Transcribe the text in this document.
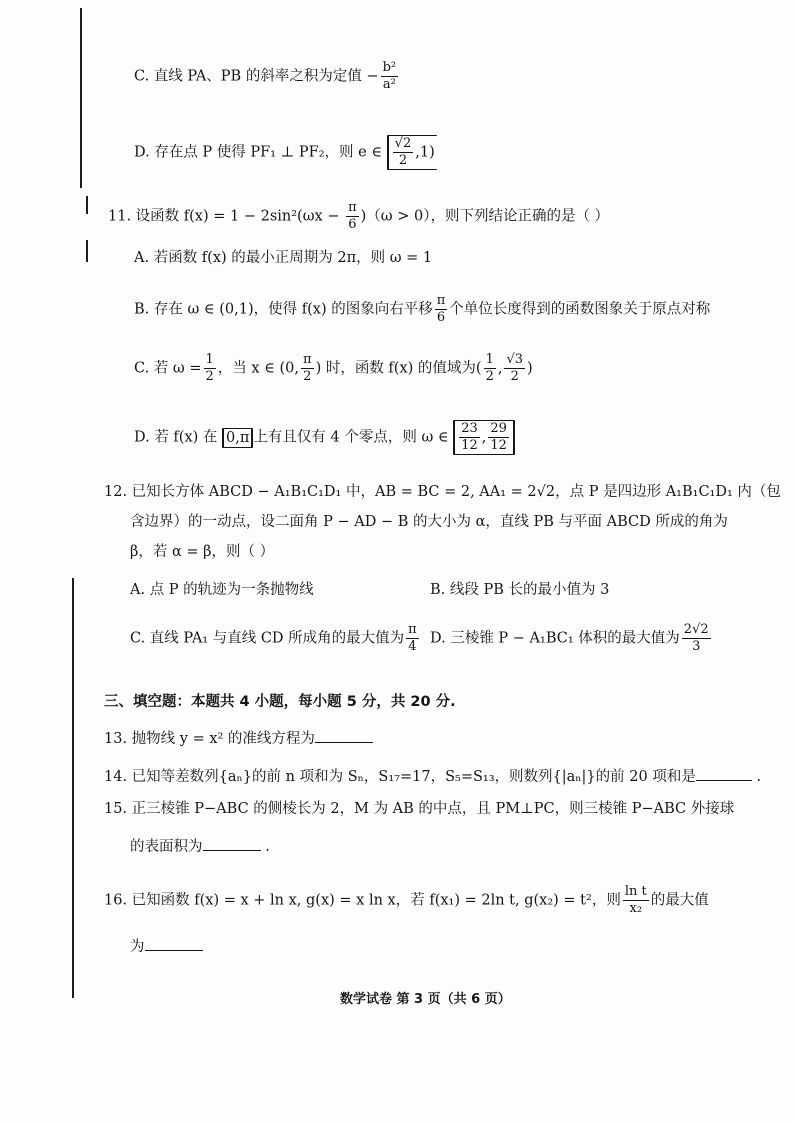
C. 直线 PA、PB 的斜率之积为定值 − $\frac{\text{b²}}{\text{a²}}$
D. 存在点 P 使得 PF₁ ⊥ PF₂，则 e ∈ $\frac{√2}{2} ,1$)
11. 设函数 $f(x) = 1 - 2\sin^2(\omega x - \frac{\pi}{6} )(\omega > 0)$，则下列结论正确的是（ ）
A. 若函数 f(x) 的最小正周期为 2π，则 ω = 1
B. 存在 ω ∈ (0,1)，使得 f(x) 的图象向右平移 $\frac{\pi}{6}$ 个单位长度得到的函数图象关于原点对称
C. 若 $\omega = \frac{1}{2}$ ，当 x ∈ (0, $\frac{\pi}{2}$ ) 时，函数 f(x) 的值域为( $\frac{1}{2}$ , $\frac{√3}{2}$ )
D. 若 f(x) 在 0,π 上有且仅有 4 个零点，则 ω ∈ $\frac{23}{12}$ , $\frac{29}{12}$
12. 已知长方体 ABCD − A₁B₁C₁D₁ 中，AB = BC = 2, AA₁ = 2√2，点 P 是四边形 A₁B₁C₁D₁ 内（包
含边界）的一动点，设二面角 P − AD − B 的大小为 α，直线 PB 与平面 ABCD 所成的角为
β，若 α = β，则（ ）
A. 点 P 的轨迹为一条抛物线	B. 线段 PB 长的最小值为 3
C. 直线 PA₁ 与直线 CD 所成角的最大值为 $\frac{\pi}{4} D$. 三棱锥 P − A₁BC₁ 体积的最大值为 $\frac{2√2}{3}$
三、填空题：本题共 4 小题，每小题 5 分，共 20 分.
13. 抛物线 y = x² 的准线方程为
14. 已知等差数列{aₙ}的前 n 项和为 Sₙ，S₁₇=17，S₅=S₁₃，则数列{|aₙ|}的前 20 项和是	.
15. 正三棱锥 P−ABC 的侧棱长为 2，M 为 AB 的中点，且 PM⊥PC，则三棱锥 P−ABC 外接球
的表面积为	.
16. 已知函数 f(x) = x + ln x, g(x) = x ln x，若 f(x₁) = 2ln t, g(x₂) = t²，则 $\frac{\text{ln t}}{\text{x₂}}$ 的最大值
为
数学试卷 第 3 页（共 6 页）
